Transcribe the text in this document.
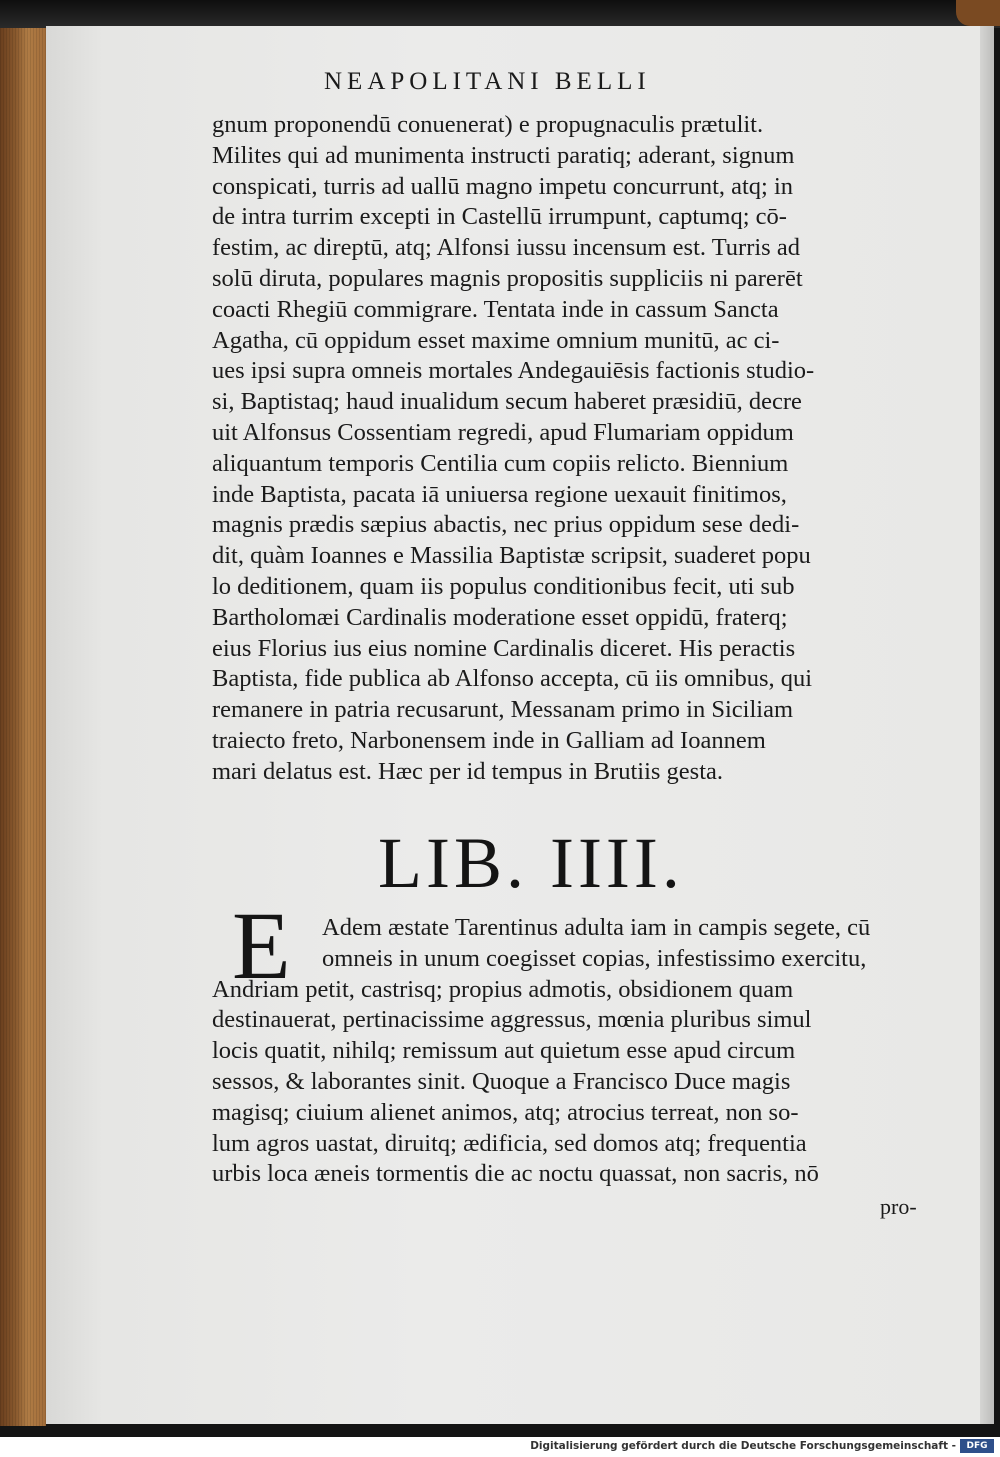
NEAPOLITANI BELLI
gnum proponendū conuenerat) e propugnaculis prætulit.
Milites qui ad munimenta instructi paratiq; aderant, signum
conspicati, turris ad uallū magno impetu concurrunt, atq; in
de intra turrim excepti in Castellū irrumpunt, captumq; cō-
festim, ac direptū, atq; Alfonsi iussu incensum est. Turris ad
solū diruta, populares magnis propositis suppliciis ni parerēt
coacti Rhegiū commigrare. Tentata inde in cassum Sancta
Agatha, cū oppidum esset maxime omnium munitū, ac ci-
ues ipsi supra omneis mortales Andegauiēsis factionis studio-
si, Baptistaq; haud inualidum secum haberet præsidiū, decre
uit Alfonsus Cossentiam regredi, apud Flumariam oppidum
aliquantum temporis Centilia cum copiis relicto. Biennium
inde Baptista, pacata iā uniuersa regione uexauit finitimos,
magnis prædis sæpius abactis, nec prius oppidum sese dedi-
dit, quàm Ioannes e Massilia Baptistæ scripsit, suaderet popu
lo deditionem, quam iis populus conditionibus fecit, uti sub
Bartholomæi Cardinalis moderatione esset oppidū, fraterq;
eius Florius ius eius nomine Cardinalis diceret. His peractis
Baptista, fide publica ab Alfonso accepta, cū iis omnibus, qui
remanere in patria recusarunt, Messanam primo in Siciliam
traiecto freto, Narbonensem inde in Galliam ad Ioannem
mari delatus est. Hæc per id tempus in Brutiis gesta.
LIB. IIII.
E	Adem æstate Tarentinus adulta iam in campis segete, cū
omneis in unum coegisset copias, infestissimo exercitu,
Andriam petit, castrisq; propius admotis, obsidionem quam
destinauerat, pertinacissime aggressus, mœnia pluribus simul
locis quatit, nihilq; remissum aut quietum esse apud circum
sessos, & laborantes sinit. Quoque a Francisco Duce magis
magisq; ciuium alienet animos, atq; atrocius terreat, non so-
lum agros uastat, diruitq; ædificia, sed domos atq; frequentia
urbis loca æneis tormentis die ac noctu quassat, non sacris, nō
pro-
Digitalisierung gefördert durch die Deutsche Forschungsgemeinschaft -	DFG
